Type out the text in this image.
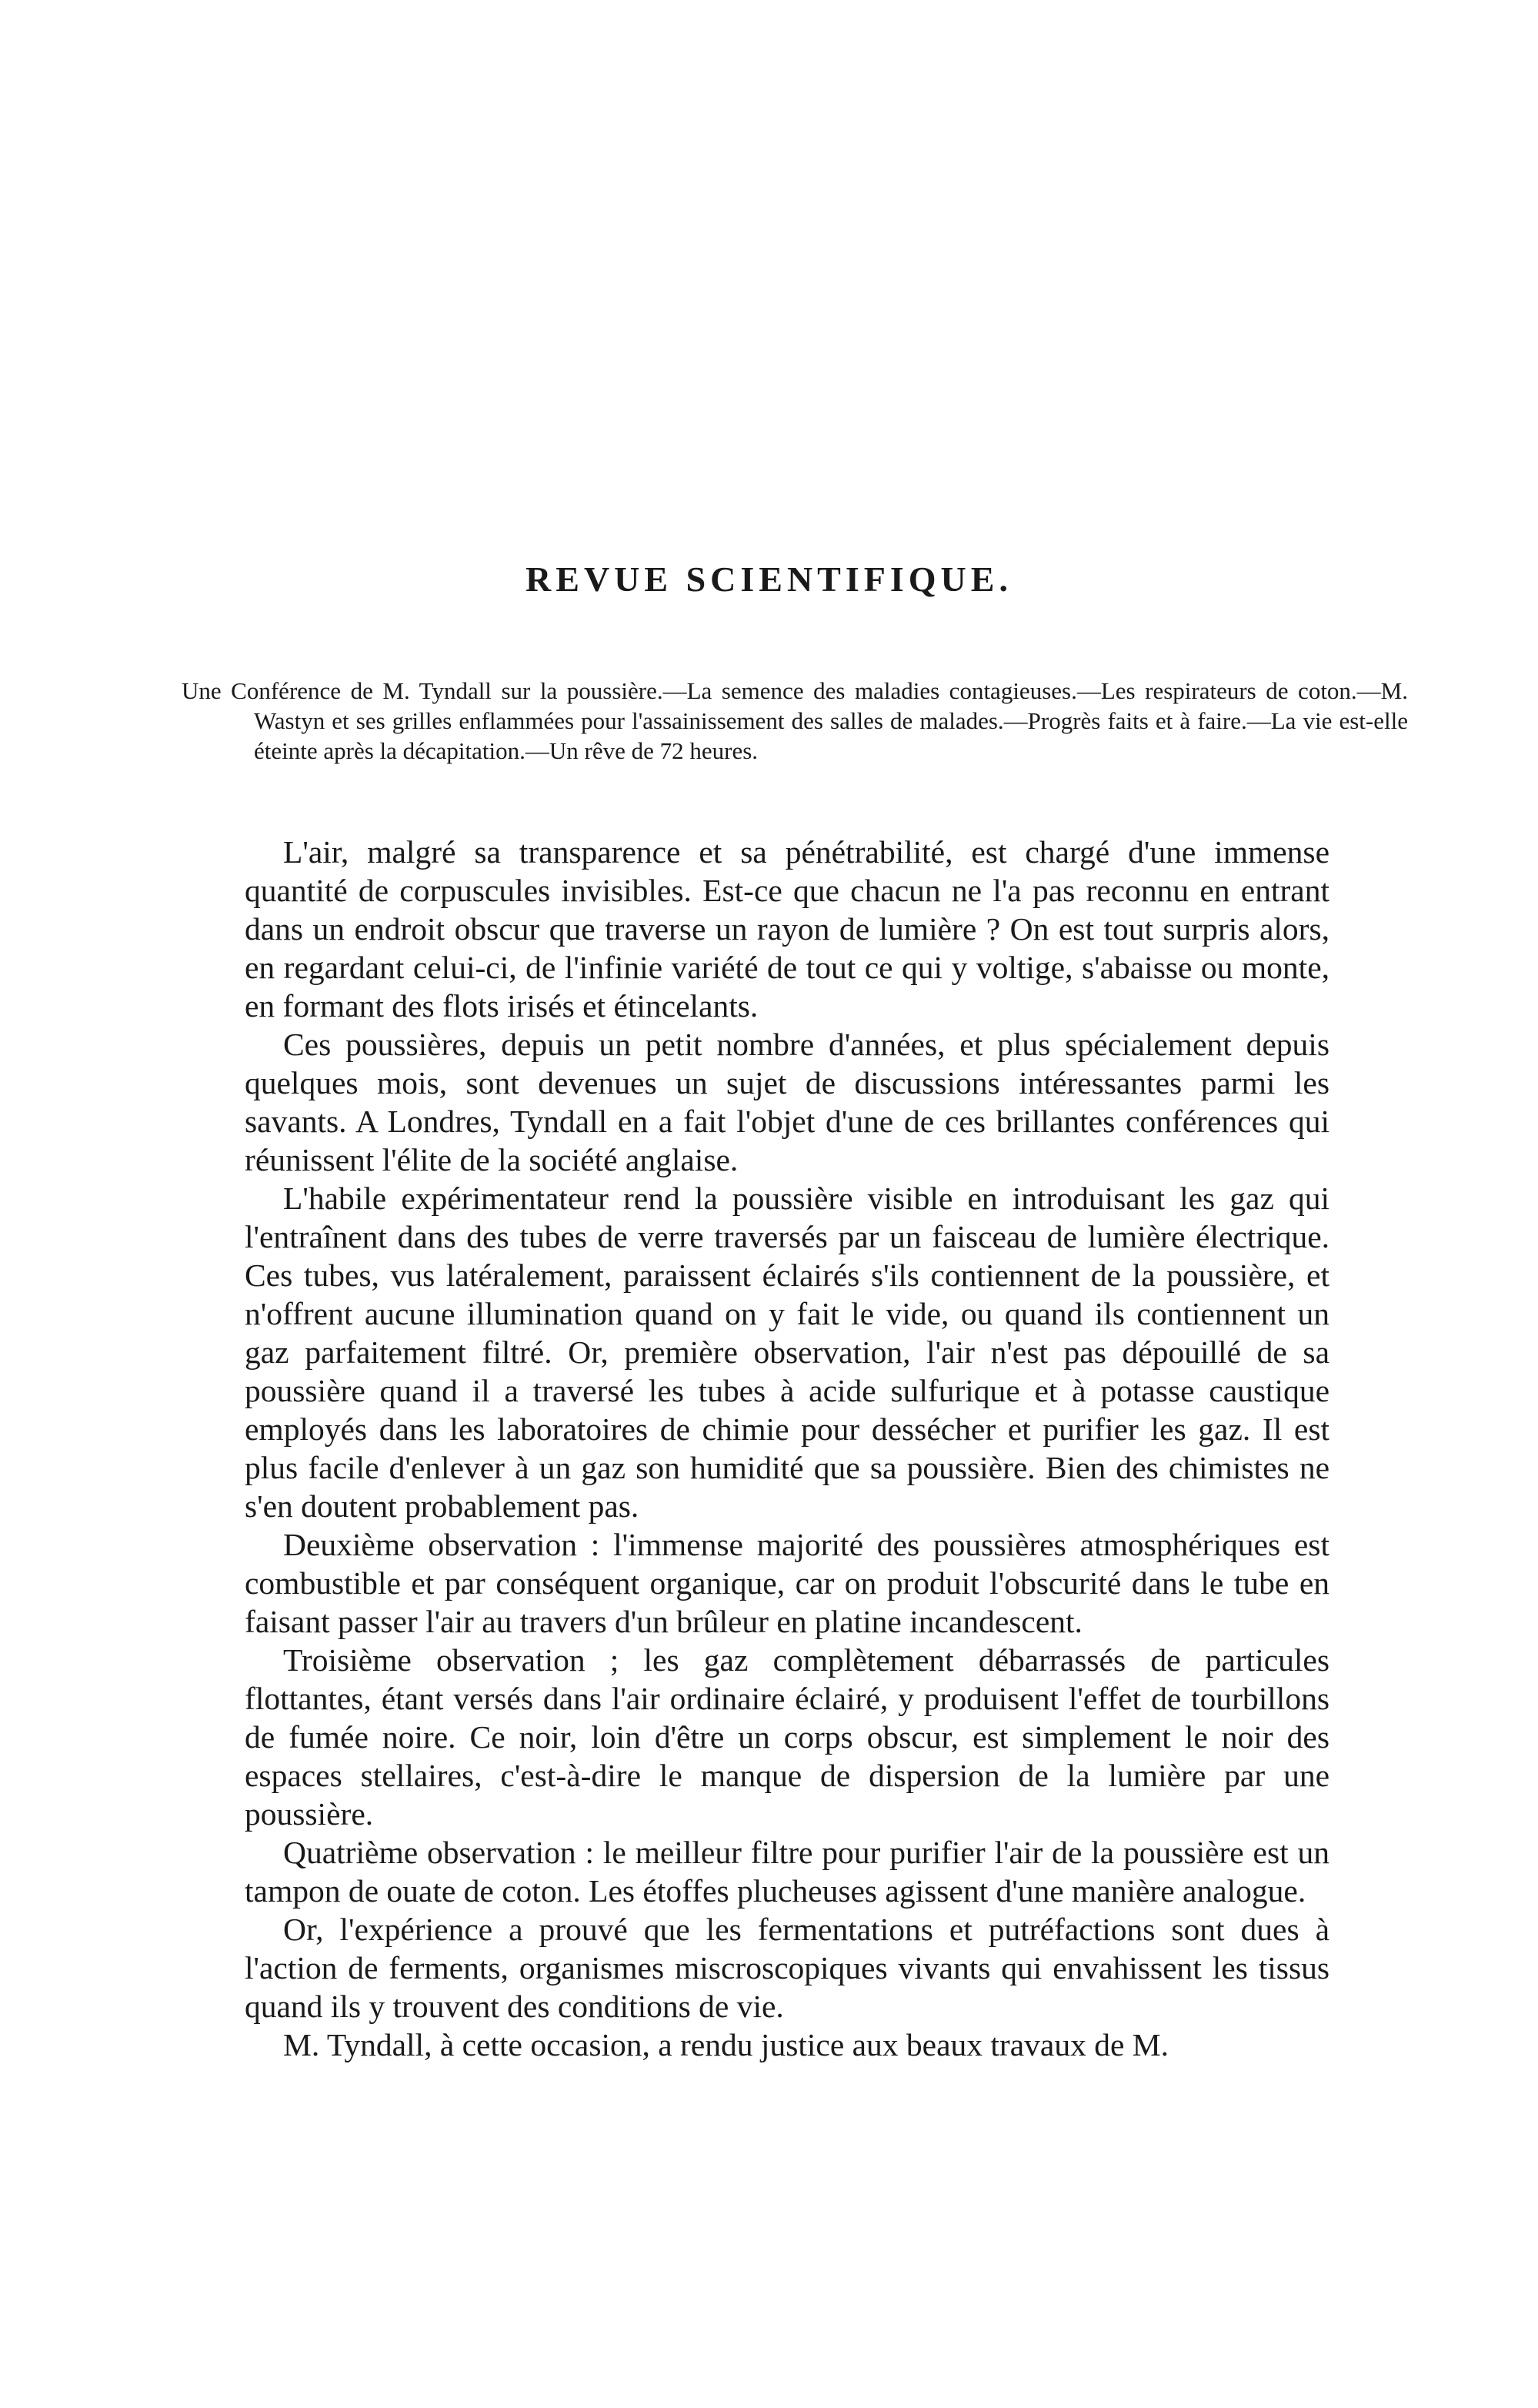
REVUE SCIENTIFIQUE.

Une Conférence de M. Tyndall sur la poussière.—La semence des maladies contagieuses.—Les respirateurs de coton.—M. Wastyn et ses grilles enflammées pour l'assainissement des salles de malades.—Progrès faits et à faire.—La vie est-elle éteinte après la décapitation.—Un rêve de 72 heures.

L'air, malgré sa transparence et sa pénétrabilité, est chargé d'une immense quantité de corpuscules invisibles. Est-ce que chacun ne l'a pas reconnu en entrant dans un endroit obscur que traverse un rayon de lumière ? On est tout surpris alors, en regardant celui-ci, de l'infinie variété de tout ce qui y voltige, s'abaisse ou monte, en formant des flots irisés et étincelants.

Ces poussières, depuis un petit nombre d'années, et plus spécialement depuis quelques mois, sont devenues un sujet de discussions intéressantes parmi les savants. A Londres, Tyndall en a fait l'objet d'une de ces brillantes conférences qui réunissent l'élite de la société anglaise.

L'habile expérimentateur rend la poussière visible en introduisant les gaz qui l'entraînent dans des tubes de verre traversés par un faisceau de lumière électrique. Ces tubes, vus latéralement, paraissent éclairés s'ils contiennent de la poussière, et n'offrent aucune illumination quand on y fait le vide, ou quand ils contiennent un gaz parfaitement filtré. Or, première observation, l'air n'est pas dépouillé de sa poussière quand il a traversé les tubes à acide sulfurique et à potasse caustique employés dans les laboratoires de chimie pour dessécher et purifier les gaz. Il est plus facile d'enlever à un gaz son humidité que sa poussière. Bien des chimistes ne s'en doutent probablement pas.

Deuxième observation : l'immense majorité des poussières atmosphériques est combustible et par conséquent organique, car on produit l'obscurité dans le tube en faisant passer l'air au travers d'un brûleur en platine incandescent.

Troisième observation ; les gaz complètement débarrassés de particules flottantes, étant versés dans l'air ordinaire éclairé, y produisent l'effet de tourbillons de fumée noire. Ce noir, loin d'être un corps obscur, est simplement le noir des espaces stellaires, c'est-à-dire le manque de dispersion de la lumière par une poussière.

Quatrième observation : le meilleur filtre pour purifier l'air de la poussière est un tampon de ouate de coton. Les étoffes plucheuses agissent d'une manière analogue.

Or, l'expérience a prouvé que les fermentations et putréfactions sont dues à l'action de ferments, organismes miscroscopiques vivants qui envahissent les tissus quand ils y trouvent des conditions de vie.

M. Tyndall, à cette occasion, a rendu justice aux beaux travaux de M.
